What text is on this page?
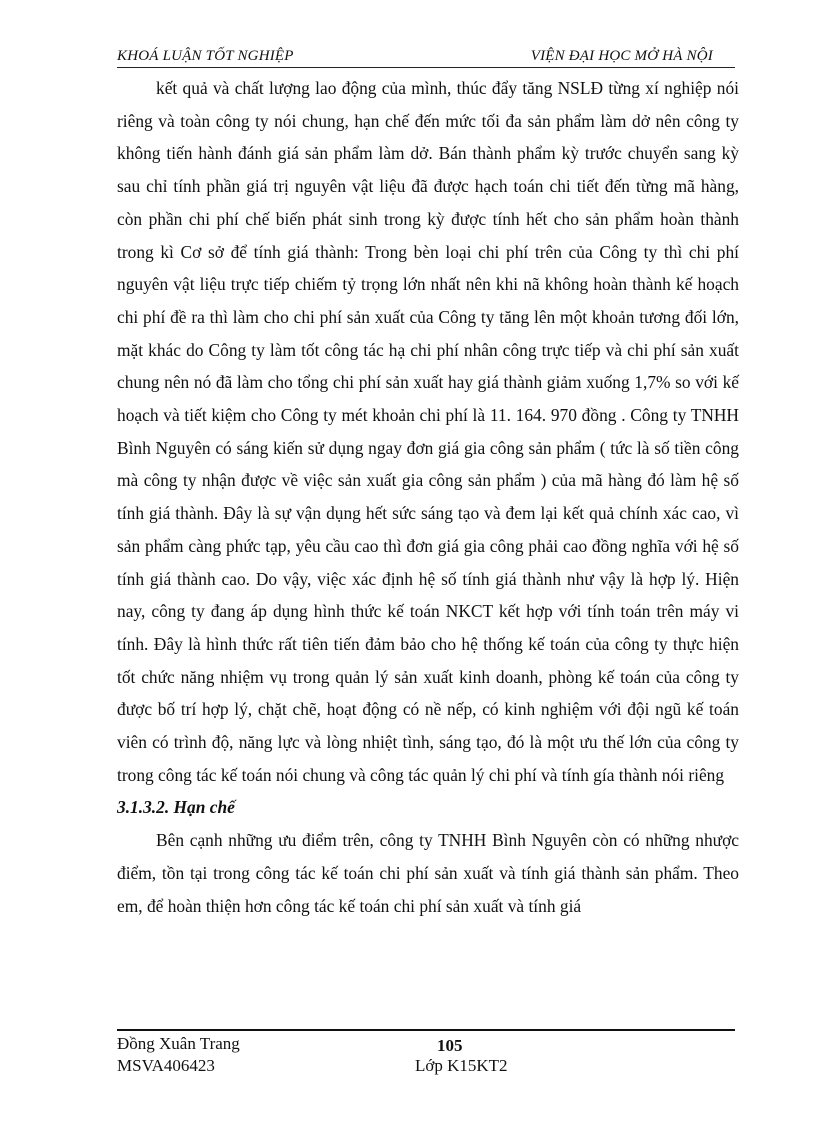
KHOÁ LUẬN TỐT NGHIỆP	VIỆN ĐẠI HỌC MỞ HÀ NỘI

kết quả và chất lượng lao động của mình, thúc đẩy tăng NSLĐ từng xí nghiệp nói riêng và toàn công ty nói chung, hạn chế đến mức tối đa sản phẩm làm dở nên công ty không tiến hành đánh giá sản phẩm làm dở. Bán thành phẩm kỳ trước chuyển sang kỳ sau chỉ tính phần giá trị nguyên vật liệu đã được hạch toán chi tiết đến từng mã hàng, còn phần chi phí chế biến phát sinh trong kỳ được tính hết cho sản phẩm hoàn thành trong kì Cơ sở để tính giá thành: Trong bèn loại chi phí trên của Công ty thì chi phí nguyên vật liệu trực tiếp chiếm tỷ trọng lớn nhất nên khi nã không hoàn thành kế hoạch chi phí đề ra thì làm cho chi phí sản xuất của Công ty tăng lên một khoản tương đối lớn, mặt khác do Công ty làm tốt công tác hạ chi phí nhân công trực tiếp và chi phí sản xuất chung nên nó đã làm cho tổng chi phí sản xuất hay giá thành giảm xuống 1,7% so với kế hoạch và tiết kiệm cho Công ty mét khoản chi phí là 11. 164. 970 đồng . Công ty TNHH Bình Nguyên có sáng kiến sử dụng ngay đơn giá gia công sản phẩm ( tức là số tiền công mà công ty nhận được về việc sản xuất gia công sản phẩm ) của mã hàng đó làm hệ số tính giá thành. Đây là sự vận dụng hết sức sáng tạo và đem lại kết quả chính xác cao, vì sản phẩm càng phức tạp, yêu cầu cao thì đơn giá gia công phải cao đồng nghĩa với hệ số tính giá thành cao. Do vậy, việc xác định hệ số tính giá thành như vậy là hợp lý. Hiện nay, công ty đang áp dụng hình thức kế toán NKCT kết hợp với tính toán trên máy vi tính. Đây là hình thức rất tiên tiến đảm bảo cho hệ thống kế toán của công ty thực hiện tốt chức năng nhiệm vụ trong quản lý sản xuất kinh doanh, phòng kế toán của công ty được bố trí hợp lý, chặt chẽ, hoạt động có nề nếp, có kinh nghiệm với đội ngũ kế toán viên có trình độ, năng lực và lòng nhiệt tình, sáng tạo, đó là một ưu thế lớn của công ty trong công tác kế toán nói chung và công tác quản lý chi phí và tính gía thành nói riêng

3.1.3.2. Hạn chế

Bên cạnh những ưu điểm trên, công ty TNHH Bình Nguyên còn có những nhược điểm, tồn tại trong công tác kế toán chi phí sản xuất và tính giá thành sản phẩm. Theo em, để hoàn thiện hơn công tác kế toán chi phí sản xuất và tính giá

Đồng Xuân Trang	105
MSVA406423	Lớp K15KT2
